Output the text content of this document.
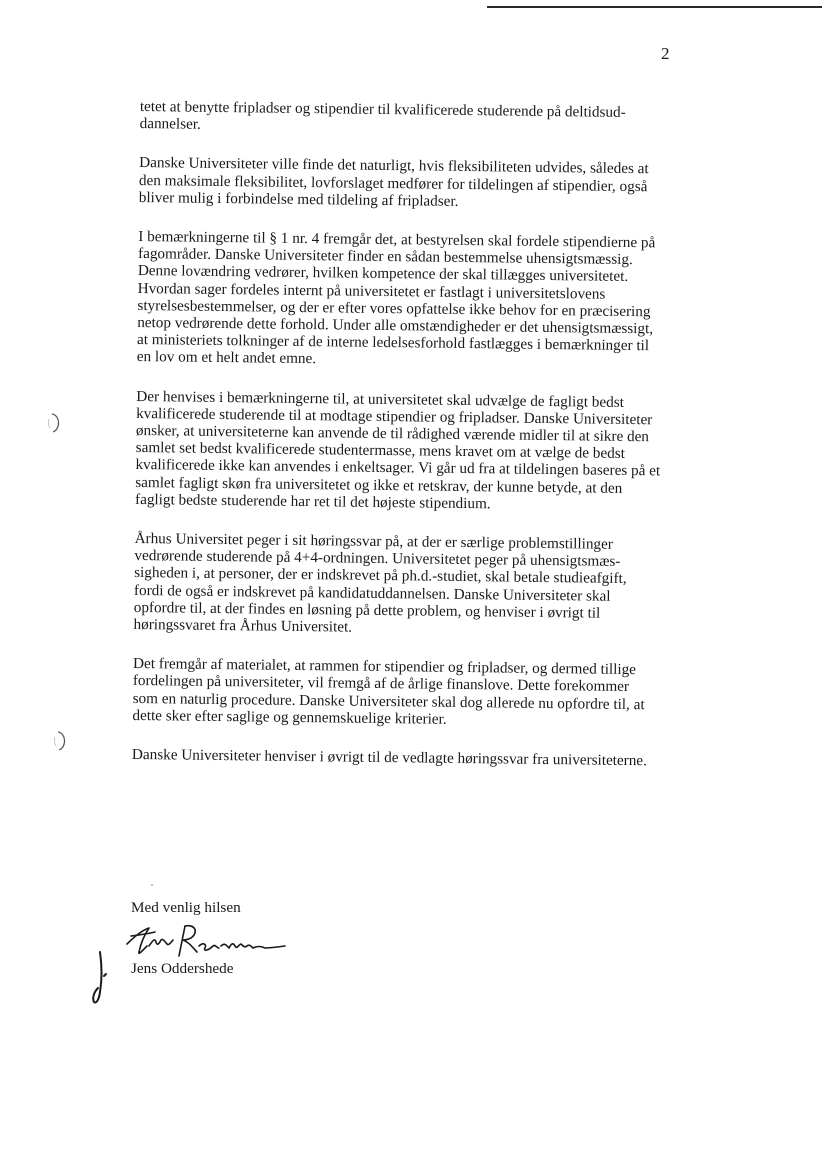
2

tetet at benytte fripladser og stipendier til kvalificerede studerende på deltidsuddannelser.

Danske Universiteter ville finde det naturligt, hvis fleksibiliteten udvides, således at den maksimale fleksibilitet, lovforslaget medfører for tildelingen af stipendier, også bliver mulig i forbindelse med tildeling af fripladser.

I bemærkningerne til § 1 nr. 4 fremgår det, at bestyrelsen skal fordele stipendierne på fagområder. Danske Universiteter finder en sådan bestemmelse uhensigtsmæssig. Denne lovændring vedrører, hvilken kompetence der skal tillægges universitetet. Hvordan sager fordeles internt på universitetet er fastlagt i universitetslovens styrelsesbestemmelser, og der er efter vores opfattelse ikke behov for en præcisering netop vedrørende dette forhold. Under alle omstændigheder er det uhensigtsmæssigt, at ministeriets tolkninger af de interne ledelsesforhold fastlægges i bemærkninger til en lov om et helt andet emne.

Der henvises i bemærkningerne til, at universitetet skal udvælge de fagligt bedst kvalificerede studerende til at modtage stipendier og fripladser. Danske Universiteter ønsker, at universiteterne kan anvende de til rådighed værende midler til at sikre den samlet set bedst kvalificerede studentermasse, mens kravet om at vælge de bedst kvalificerede ikke kan anvendes i enkeltsager. Vi går ud fra at tildelingen baseres på et samlet fagligt skøn fra universitetet og ikke et retskrav, der kunne betyde, at den fagligt bedste studerende har ret til det højeste stipendium.

Århus Universitet peger i sit høringssvar på, at der er særlige problemstillinger vedrørende studerende på 4+4-ordningen. Universitetet peger på uhensigtsmæssigheden i, at personer, der er indskrevet på ph.d.-studiet, skal betale studieafgift, fordi de også er indskrevet på kandidatuddannelsen. Danske Universiteter skal opfordre til, at der findes en løsning på dette problem, og henviser i øvrigt til høringssvaret fra Århus Universitet.

Det fremgår af materialet, at rammen for stipendier og fripladser, og dermed tillige fordelingen på universiteter, vil fremgå af de årlige finanslove. Dette forekommer som en naturlig procedure. Danske Universiteter skal dog allerede nu opfordre til, at dette sker efter saglige og gennemskuelige kriterier.

Danske Universiteter henviser i øvrigt til de vedlagte høringssvar fra universiteterne.

Med venlig hilsen
Jens Oddershede
